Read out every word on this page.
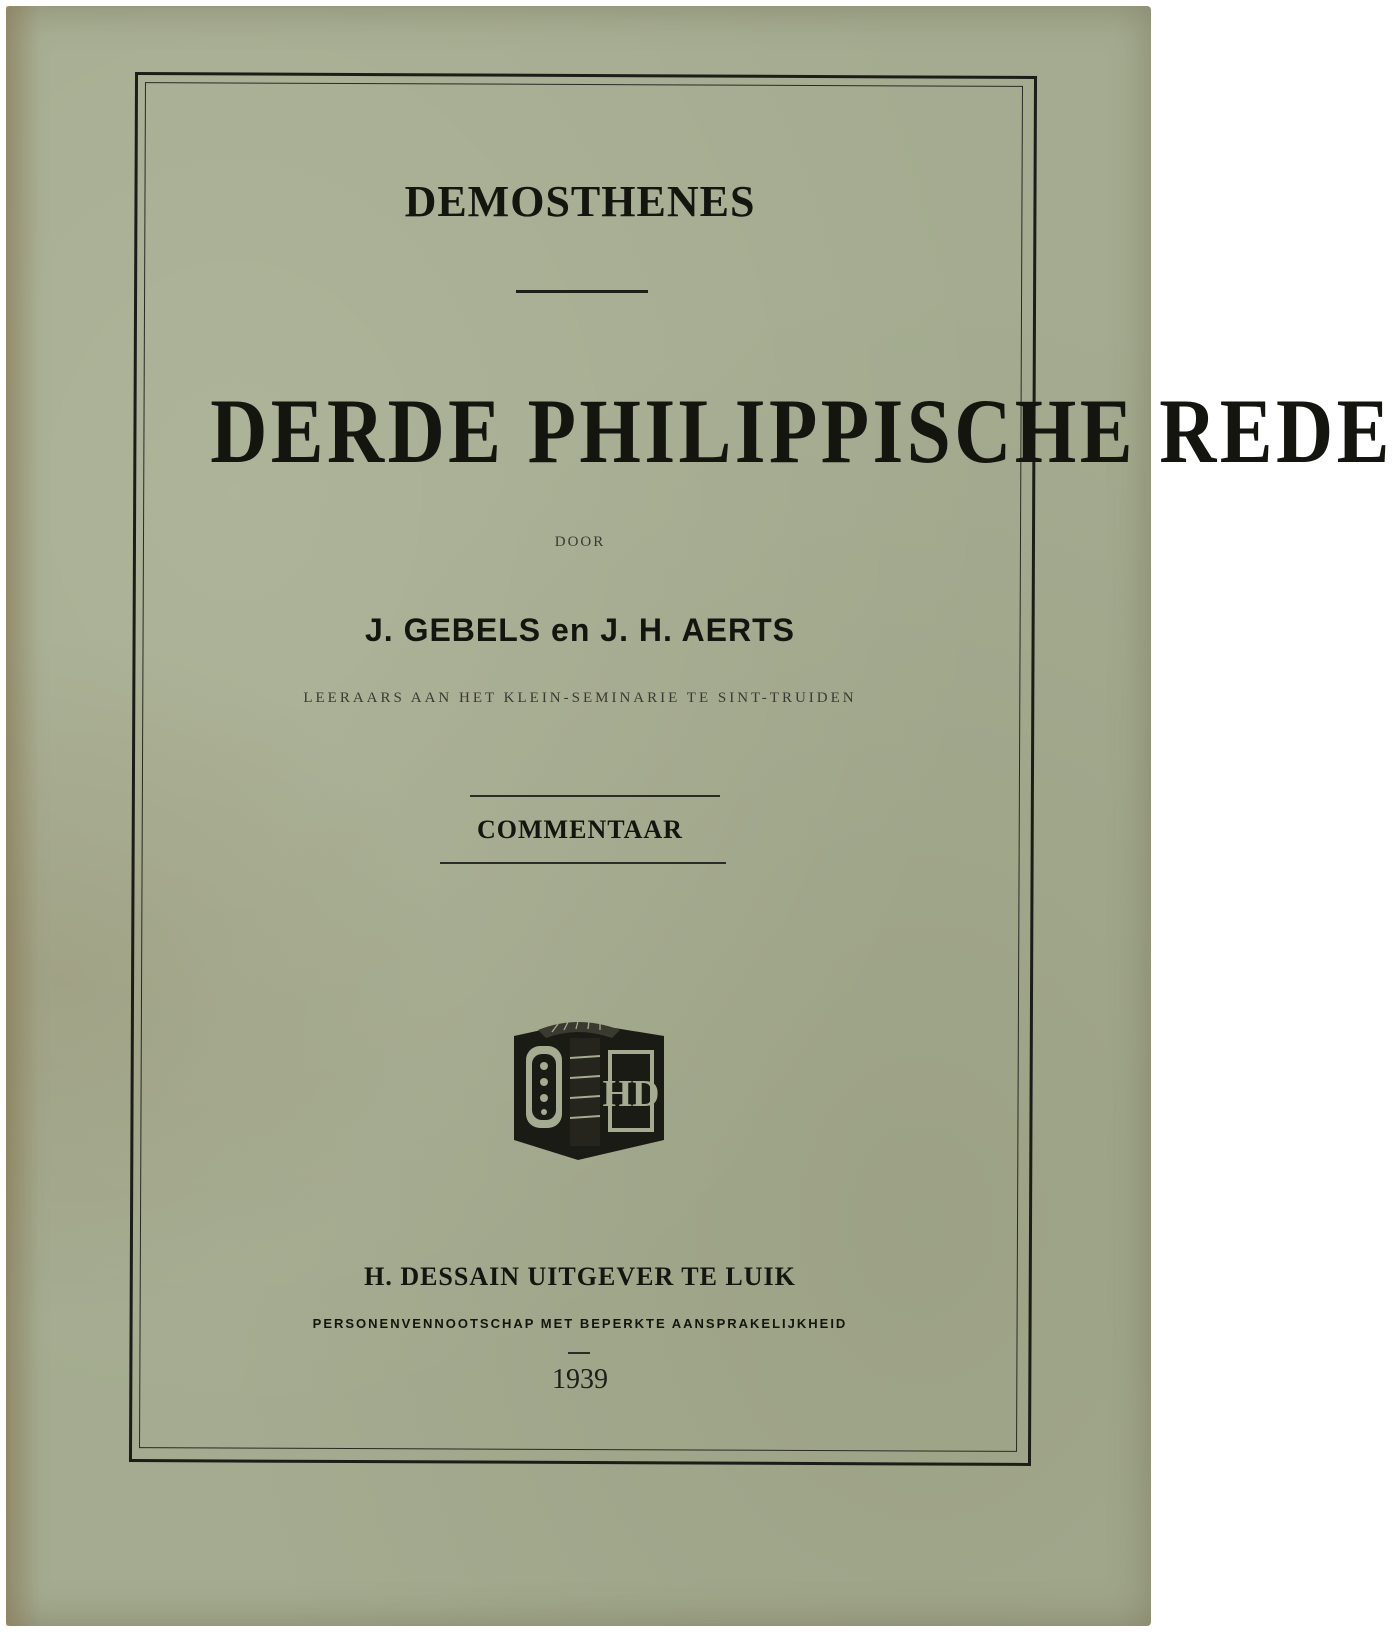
DEMOSTHENES
DERDE PHILIPPISCHE REDE
DOOR
J. GEBELS en J. H. AERTS
LEERAARS AAN HET KLEIN-SEMINARIE TE SINT-TRUIDEN
COMMENTAAR
HD
H. DESSAIN UITGEVER TE LUIK
PERSONENVENNOOTSCHAP MET BEPERKTE AANSPRAKELIJKHEID
1939
